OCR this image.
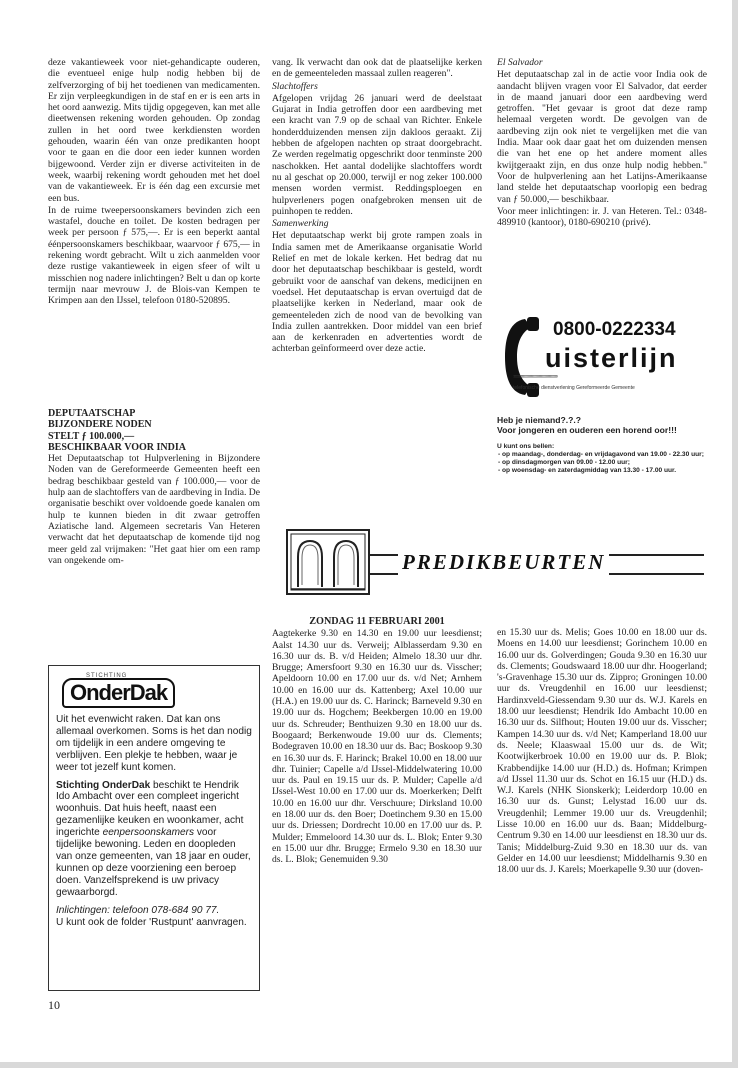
deze vakantieweek voor niet-gehandicapte ouderen, die eventueel enige hulp nodig hebben bij de zelfverzorging of bij het toedienen van medicamenten. Er zijn verpleegkundigen in de staf en er is een arts in het oord aanwezig. Mits tijdig opgegeven, kan met alle dieetwensen rekening worden gehouden. Op zondag zullen in het oord twee kerkdiensten worden gehouden, waarin één van onze predikanten hoopt voor te gaan en die door een ieder kunnen worden bijgewoond. Verder zijn er diverse activiteiten in de week, waarbij rekening wordt gehouden met het doel van de vakantieweek. Er is één dag een excursie met een bus.

In de ruime tweepersoonskamers bevinden zich een wastafel, douche en toilet. De kosten bedragen per week per persoon ƒ 575,—. Er is een beperkt aantal éénpersoonskamers beschikbaar, waarvoor ƒ 675,— in rekening wordt gebracht. Wilt u zich aanmelden voor deze rustige vakantieweek in eigen sfeer of wilt u misschien nog nadere inlichtingen? Belt u dan op korte termijn naar mevrouw J. de Blois-van Kempen te Krimpen aan den IJssel, telefoon 0180-520895.

DEPUTAATSCHAP
BIJZONDERE NODEN
STELT ƒ 100.000,—
BESCHIKBAAR VOOR INDIA

Het Deputaatschap tot Hulpverlening in Bijzondere Noden van de Gereformeerde Gemeenten heeft een bedrag beschikbaar gesteld van ƒ 100.000,— voor de hulp aan de slachtoffers van de aardbeving in India. De organisatie beschikt over voldoende goede kanalen om hulp te kunnen bieden in dit zwaar getroffen Aziatische land. Algemeen secretaris Van Heteren verwacht dat het deputaatschap de komende tijd nog meer geld zal vrijmaken: "Het gaat hier om een ramp van ongekende om-

STICHTING
OnderDak

Uit het evenwicht raken. Dat kan ons allemaal overkomen. Soms is het dan nodig om tijdelijk in een andere omgeving te verblijven. Een plekje te hebben, waar je weer tot jezelf kunt komen.

Stichting OnderDak beschikt te Hendrik Ido Ambacht over een compleet ingericht woonhuis. Dat huis heeft, naast een gezamenlijke keuken en woonkamer, acht ingerichte eenpersoonskamers voor tijdelijke bewoning. Leden en doopleden van onze gemeenten, van 18 jaar en ouder, kunnen op deze voorziening een beroep doen. Vanzelfsprekend is uw privacy gewaarborgd.

Inlichtingen: telefoon 078-684 90 77.
U kunt ook de folder 'Rustpunt' aanvragen.

vang. Ik verwacht dan ook dat de plaatselijke kerken en de gemeenteleden massaal zullen reageren".

Slachtoffers

Afgelopen vrijdag 26 januari werd de deelstaat Gujarat in India getroffen door een aardbeving met een kracht van 7.9 op de schaal van Richter. Enkele honderdduizenden mensen zijn dakloos geraakt. Zij hebben de afgelopen nachten op straat doorgebracht. Ze werden regelmatig opgeschrikt door tenminste 200 naschokken. Het aantal dodelijke slachtoffers wordt nu al geschat op 20.000, terwijl er nog zeker 100.000 mensen worden vermist. Reddingsploegen en hulpverleners pogen onafgebroken mensen uit de puinhopen te redden.

Samenwerking

Het deputaatschap werkt bij grote rampen zoals in India samen met de Amerikaanse organisatie World Relief en met de lokale kerken. Het bedrag dat nu door het deputaatschap beschikbaar is gesteld, wordt gebruikt voor de aanschaf van dekens, medicijnen en voedsel. Het deputaatschap is ervan overtuigd dat de plaatselijke kerken in Nederland, maar ook de gemeenteleden zich de nood van de bevolking van India zullen aantrekken. Door middel van een brief aan de kerkenraden en advertenties wordt de achterban geïnformeerd over deze actie.

El Salvador

Het deputaatschap zal in de actie voor India ook de aandacht blijven vragen voor El Salvador, dat eerder in de maand januari door een aardbeving werd getroffen. "Het gevaar is groot dat deze ramp helemaal vergeten wordt. De gevolgen van de aardbeving zijn ook niet te vergelijken met die van India. Maar ook daar gaat het om duizenden mensen die van het ene op het andere moment alles kwijtgeraakt zijn, en dus onze hulp nodig hebben." Voor de hulpverlening aan het Latijns-Amerikaanse land stelde het deputaatschap voorlopig een bedrag van ƒ 50.000,— beschikbaar.

Voor meer inlichtingen: ir. J. van Heteren. Tel.: 0348-489910 (kantoor), 0180-690210 (privé).

0800-0222334
uisterlijn
ᵓᵓᵓᵓᵓᵓᵓᵓᵓᵓᵓᵓᵓᵓᵓᵓᵓᵓᵓᵓᵓᵓᵓᵓᵓᵓᵓᵓᵓᵓᵓᵓᵓᵓᵓᵓᵓᵓᵓ
telefonische dienstverlening Gereformeerde Gemeente
Heb je niemand?.?.?
Voor jongeren en ouderen een horend oor!!!
U kunt ons bellen:
- op maandag-, donderdag- en vrijdagavond van 19.00 - 22.30 uur;
- op dinsdagmorgen van 09.00 - 12.00 uur;
- op woensdag- en zaterdagmiddag van 13.30 - 17.00 uur.
PREDIKBEURTEN
ZONDAG 11 FEBRUARI 2001

Aagtekerke 9.30 en 14.30 en 19.00 uur leesdienst; Aalst 14.30 uur ds. Verweij; Alblasserdam 9.30 en 16.30 uur ds. B. v/d Heiden; Almelo 18.30 uur dhr. Brugge; Amersfoort 9.30 en 16.30 uur ds. Visscher; Apeldoorn 10.00 en 17.00 uur ds. v/d Net; Arnhem 10.00 en 16.00 uur ds. Kattenberg; Axel 10.00 uur (H.A.) en 19.00 uur ds. C. Harinck; Barneveld 9.30 en 19.00 uur ds. Hogchem; Beekbergen 10.00 en 19.00 uur ds. Schreuder; Benthuizen 9.30 en 18.00 uur ds. Boogaard; Berkenwoude 19.00 uur ds. Clements; Bodegraven 10.00 en 18.30 uur ds. Bac; Boskoop 9.30 en 16.30 uur ds. F. Harinck; Brakel 10.00 en 18.00 uur dhr. Tuinier; Capelle a/d IJssel-Middelwatering 10.00 uur ds. Paul en 19.15 uur ds. P. Mulder; Capelle a/d IJssel-West 10.00 en 17.00 uur ds. Moerkerken; Delft 10.00 en 16.00 uur dhr. Verschuure; Dirksland 10.00 en 18.00 uur ds. den Boer; Doetinchem 9.30 en 15.00 uur ds. Driessen; Dordrecht 10.00 en 17.00 uur ds. P. Mulder; Emmeloord 14.30 uur ds. L. Blok; Enter 9.30 en 15.00 uur dhr. Brugge; Ermelo 9.30 en 18.30 uur ds. L. Blok; Genemuiden 9.30

en 15.30 uur ds. Melis; Goes 10.00 en 18.00 uur ds. Moens en 14.00 uur leesdienst; Gorinchem 10.00 en 16.00 uur ds. Golverdingen; Gouda 9.30 en 16.30 uur ds. Clements; Goudswaard 18.00 uur dhr. Hoogerland; 's-Gravenhage 15.30 uur ds. Zippro; Groningen 10.00 uur ds. Vreugdenhil en 16.00 uur leesdienst; Hardinxveld-Giessendam 9.30 uur ds. W.J. Karels en 18.00 uur leesdienst; Hendrik Ido Ambacht 10.00 en 16.30 uur ds. Silfhout; Houten 19.00 uur ds. Visscher; Kampen 14.30 uur ds. v/d Net; Kamperland 18.00 uur ds. Neele; Klaaswaal 15.00 uur ds. de Wit; Kootwijkerbroek 10.00 en 19.00 uur ds. P. Blok; Krabbendijke 14.00 uur (H.D.) ds. Hofman; Krimpen a/d IJssel 11.30 uur ds. Schot en 16.15 uur (H.D.) ds. W.J. Karels (NHK Sionskerk); Leiderdorp 10.00 en 16.30 uur ds. Gunst; Lelystad 16.00 uur ds. Vreugdenhil; Lemmer 19.00 uur ds. Vreugdenhil; Lisse 10.00 en 16.00 uur ds. Baan; Middelburg-Centrum 9.30 en 14.00 uur leesdienst en 18.30 uur ds. Tanis; Middelburg-Zuid 9.30 en 18.30 uur ds. van Gelder en 14.00 uur leesdienst; Middelharnis 9.30 en 18.00 uur ds. J. Karels; Moerkapelle 9.30 uur (doven-

10
